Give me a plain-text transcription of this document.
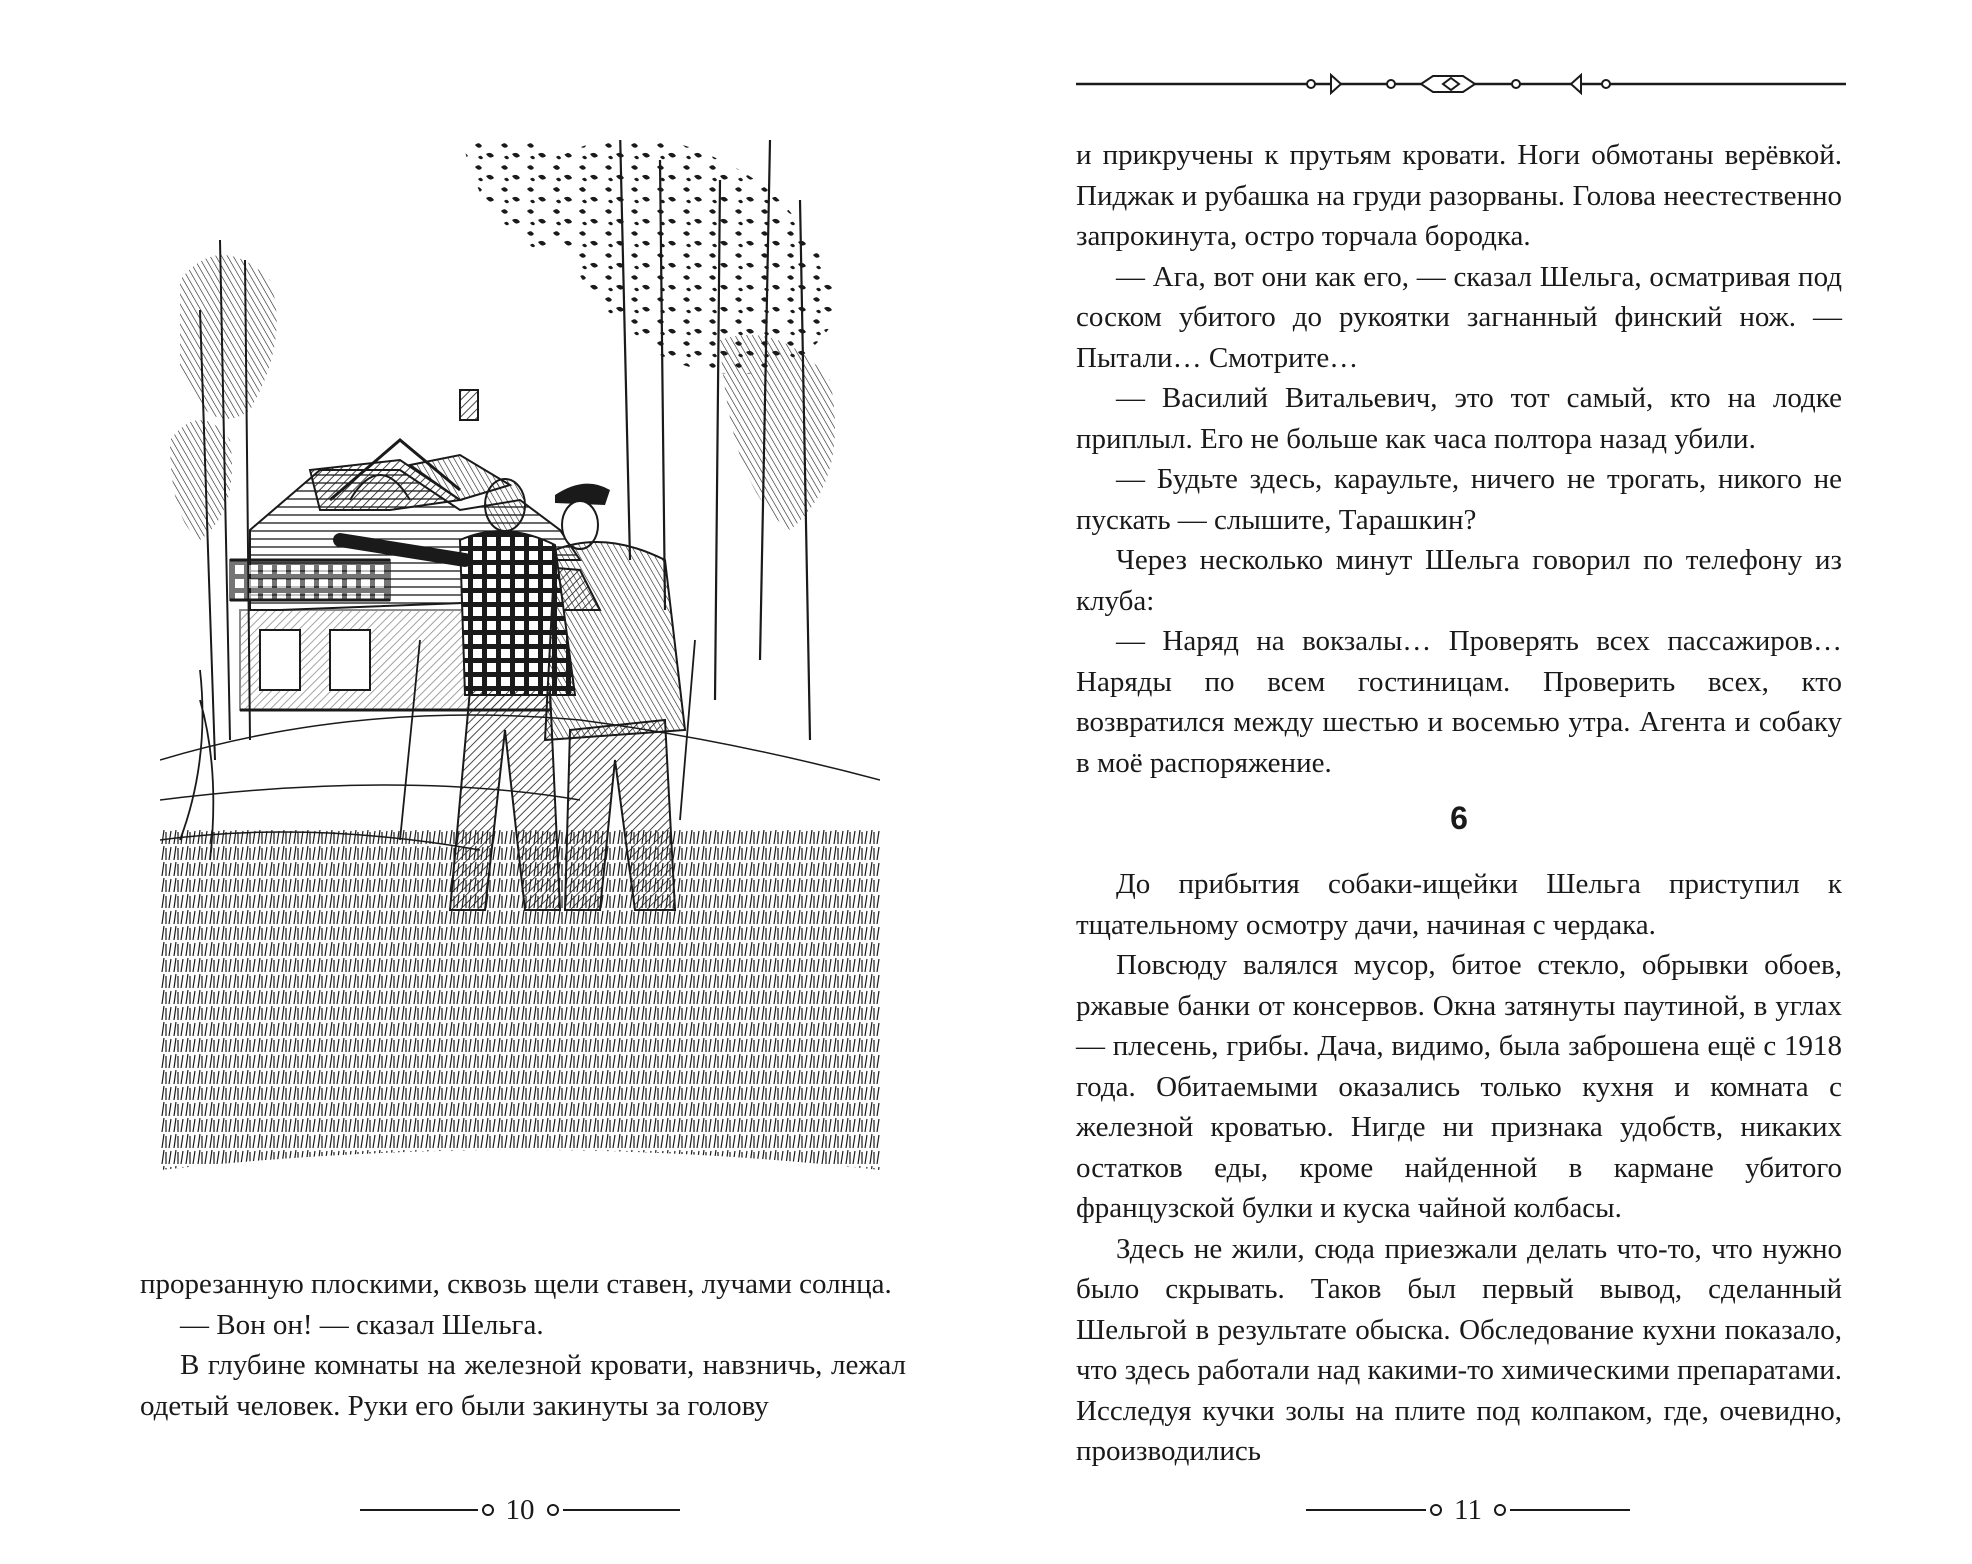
прорезанную плоскими, сквозь щели ставен, лучами солнца.

— Вон он! — сказал Шельга.

В глубине комнаты на железной кровати, навзничь, лежал одетый человек. Руки его были закинуты за голову

10

и прикручены к прутьям кровати. Ноги обмотаны верёвкой. Пиджак и рубашка на груди разорваны. Голова неестественно запрокинута, остро торчала бородка.

— Ага, вот они как его, — сказал Шельга, осматривая под соском убитого до рукоятки загнанный финский нож. — Пытали… Смотрите…

— Василий Витальевич, это тот самый, кто на лодке приплыл. Его не больше как часа полтора назад убили.

— Будьте здесь, караульте, ничего не трогать, никого не пускать — слышите, Тарашкин?

Через несколько минут Шельга говорил по телефону из клуба:

— Наряд на вокзалы… Проверять всех пассажиров… Наряды по всем гостиницам. Проверить всех, кто возвратился между шестью и восемью утра. Агента и собаку в моё распоряжение.

6

До прибытия собаки-ищейки Шельга приступил к тщательному осмотру дачи, начиная с чердака.

Повсюду валялся мусор, битое стекло, обрывки обоев, ржавые банки от консервов. Окна затянуты паутиной, в углах — плесень, грибы. Дача, видимо, была заброшена ещё с 1918 года. Обитаемыми оказались только кухня и комната с железной кроватью. Нигде ни признака удобств, никаких остатков еды, кроме найденной в кармане убитого французской булки и куска чайной колбасы.

Здесь не жили, сюда приезжали делать что-то, что нужно было скрывать. Таков был первый вывод, сделанный Шельгой в результате обыска. Обследование кухни показало, что здесь работали над какими-то химическими препаратами. Исследуя кучки золы на плите под колпаком, где, очевидно, производились

11
